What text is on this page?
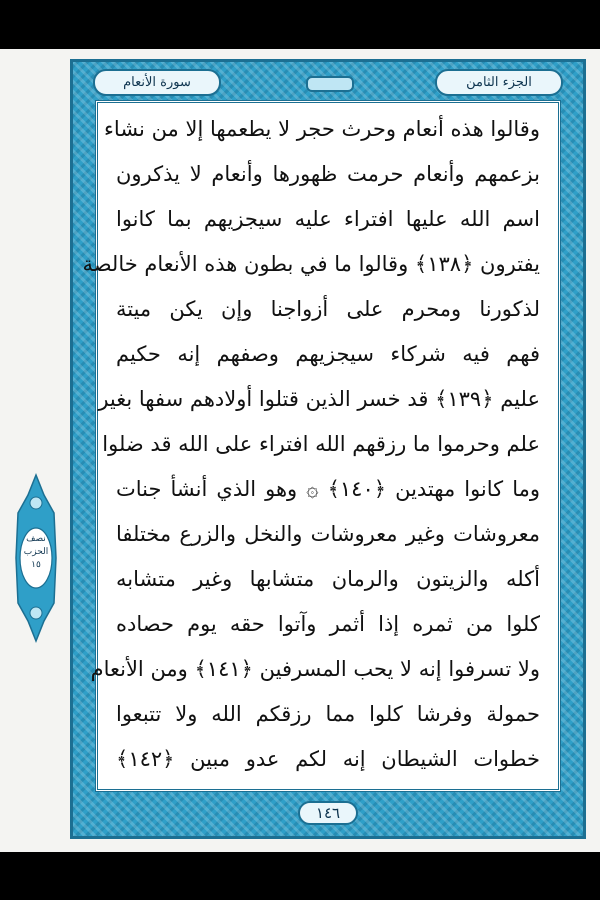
الجزء الثامن
سورة الأنعام
وقالوا هذه أنعام وحرث حجر لا يطعمها إلا من نشاء
بزعمهم وأنعام حرمت ظهورها وأنعام لا يذكرون
اسم الله عليها افتراء عليه سيجزيهم بما كانوا
يفترون ﴿١٣٨﴾ وقالوا ما في بطون هذه الأنعام خالصة
لذكورنا ومحرم على أزواجنا وإن يكن ميتة
فهم فيه شركاء سيجزيهم وصفهم إنه حكيم
عليم ﴿١٣٩﴾ قد خسر الذين قتلوا أولادهم سفها بغير
علم وحرموا ما رزقهم الله افتراء على الله قد ضلوا
وما كانوا مهتدين ﴿١٤٠﴾ ۞ وهو الذي أنشأ جنات
معروشات وغير معروشات والنخل والزرع مختلفا
أكله والزيتون والرمان متشابها وغير متشابه
كلوا من ثمره إذا أثمر وآتوا حقه يوم حصاده
ولا تسرفوا إنه لا يحب المسرفين ﴿١٤١﴾ ومن الأنعام
حمولة وفرشا كلوا مما رزقكم الله ولا تتبعوا
خطوات الشيطان إنه لكم عدو مبين ﴿١٤٢﴾
١٤٦
نصف
الحزب
١٥
